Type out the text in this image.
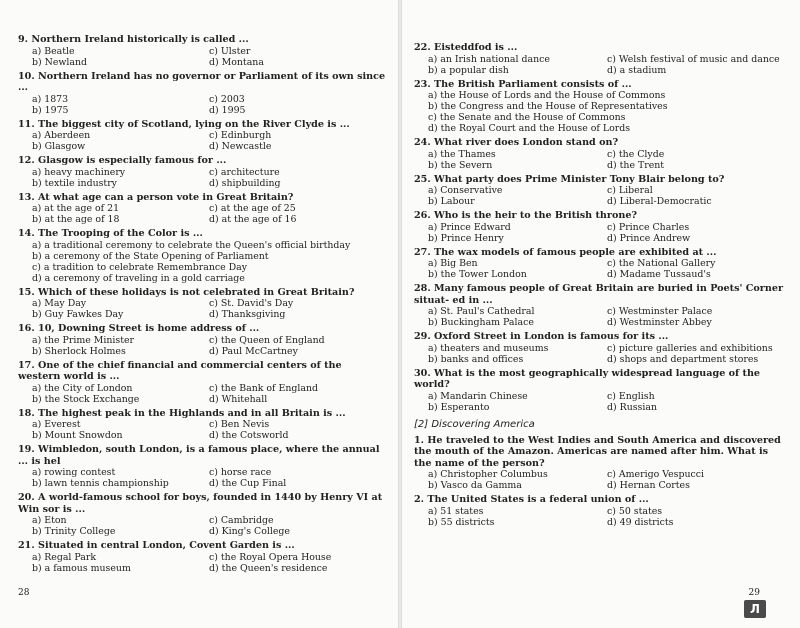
9. Northern Ireland historically is called ...
a) Beatle	c) Ulster
b) Newland	d) Montana
10. Northern Ireland has no governor or Parliament of its own since ...
a) 1873	c) 2003
b) 1975	d) 1995
11. The biggest city of Scotland, lying on the River Clyde is ...
a) Aberdeen	c) Edinburgh
b) Glasgow	d) Newcastle
12. Glasgow is especially famous for ...
a) heavy machinery	c) architecture
b) textile industry	d) shipbuilding
13. At what age can a person vote in Great Britain?
a) at the age of 21	c) at the age of 25
b) at the age of 18	d) at the age of 16
14. The Trooping of the Color is ...
a) a traditional ceremony to celebrate the Queen's official birthday
b) a ceremony of the State Opening of Parliament
c) a tradition to celebrate Remembrance Day
d) a ceremony of traveling in a gold carriage
15. Which of these holidays is not celebrated in Great Britain?
a) May Day	c) St. David's Day
b) Guy Fawkes Day	d) Thanksgiving
16. 10, Downing Street is home address of ...
a) the Prime Minister	c) the Queen of England
b) Sherlock Holmes	d) Paul McCartney
17. One of the chief financial and commercial centers of the western world is ...
a) the City of London	c) the Bank of England
b) the Stock Exchange	d) Whitehall
18. The highest peak in the Highlands and in all Britain is ...
a) Everest	c) Ben Nevis
b) Mount Snowdon	d) the Cotsworld
19. Wimbledon, south London, is a famous place, where the annual ... is hel
a) rowing contest	c) horse race
b) lawn tennis championship	d) the Cup Final
20. A world-famous school for boys, founded in 1440 by Henry VI at Win sor is ...
a) Eton	c) Cambridge
b) Trinity College	d) King's College
21. Situated in central London, Covent Garden is ...
a) Regal Park	c) the Royal Opera House
b) a famous museum	d) the Queen's residence
22. Eisteddfod is ...
a) an Irish national dance	c) Welsh festival of music and dance
b) a popular dish	d) a stadium
23. The British Parliament consists of ...
a) the House of Lords and the House of Commons
b) the Congress and the House of Representatives
c) the Senate and the House of Commons
d) the Royal Court and the House of Lords
24. What river does London stand on?
a) the Thames	c) the Clyde
b) the Severn	d) the Trent
25. What party does Prime Minister Tony Blair belong to?
a) Conservative	c) Liberal
b) Labour	d) Liberal-Democratic
26. Who is the heir to the British throne?
a) Prince Edward	c) Prince Charles
b) Prince Henry	d) Prince Andrew
27. The wax models of famous people are exhibited at ...
a) Big Ben	c) the National Gallery
b) the Tower London	d) Madame Tussaud's
28. Many famous people of Great Britain are buried in Poets' Corner situat- ed in ...
a) St. Paul's Cathedral	c) Westminster Palace
b) Buckingham Palace	d) Westminster Abbey
29. Oxford Street in London is famous for its ...
a) theaters and museums	c) picture galleries and exhibitions
b) banks and offices	d) shops and department stores
30. What is the most geographically widespread language of the world?
a) Mandarin Chinese	c) English
b) Esperanto	d) Russian
[2] Discovering America
1. He traveled to the West Indies and South America and discovered the mouth of the Amazon. Americas are named after him. What is the name of the person?
a) Christopher Columbus	c) Amerigo Vespucci
b) Vasco da Gamma	d) Hernan Cortes
2. The United States is a federal union of ...
a) 51 states	c) 50 states
b) 55 districts	d) 49 districts
28	29
Л
